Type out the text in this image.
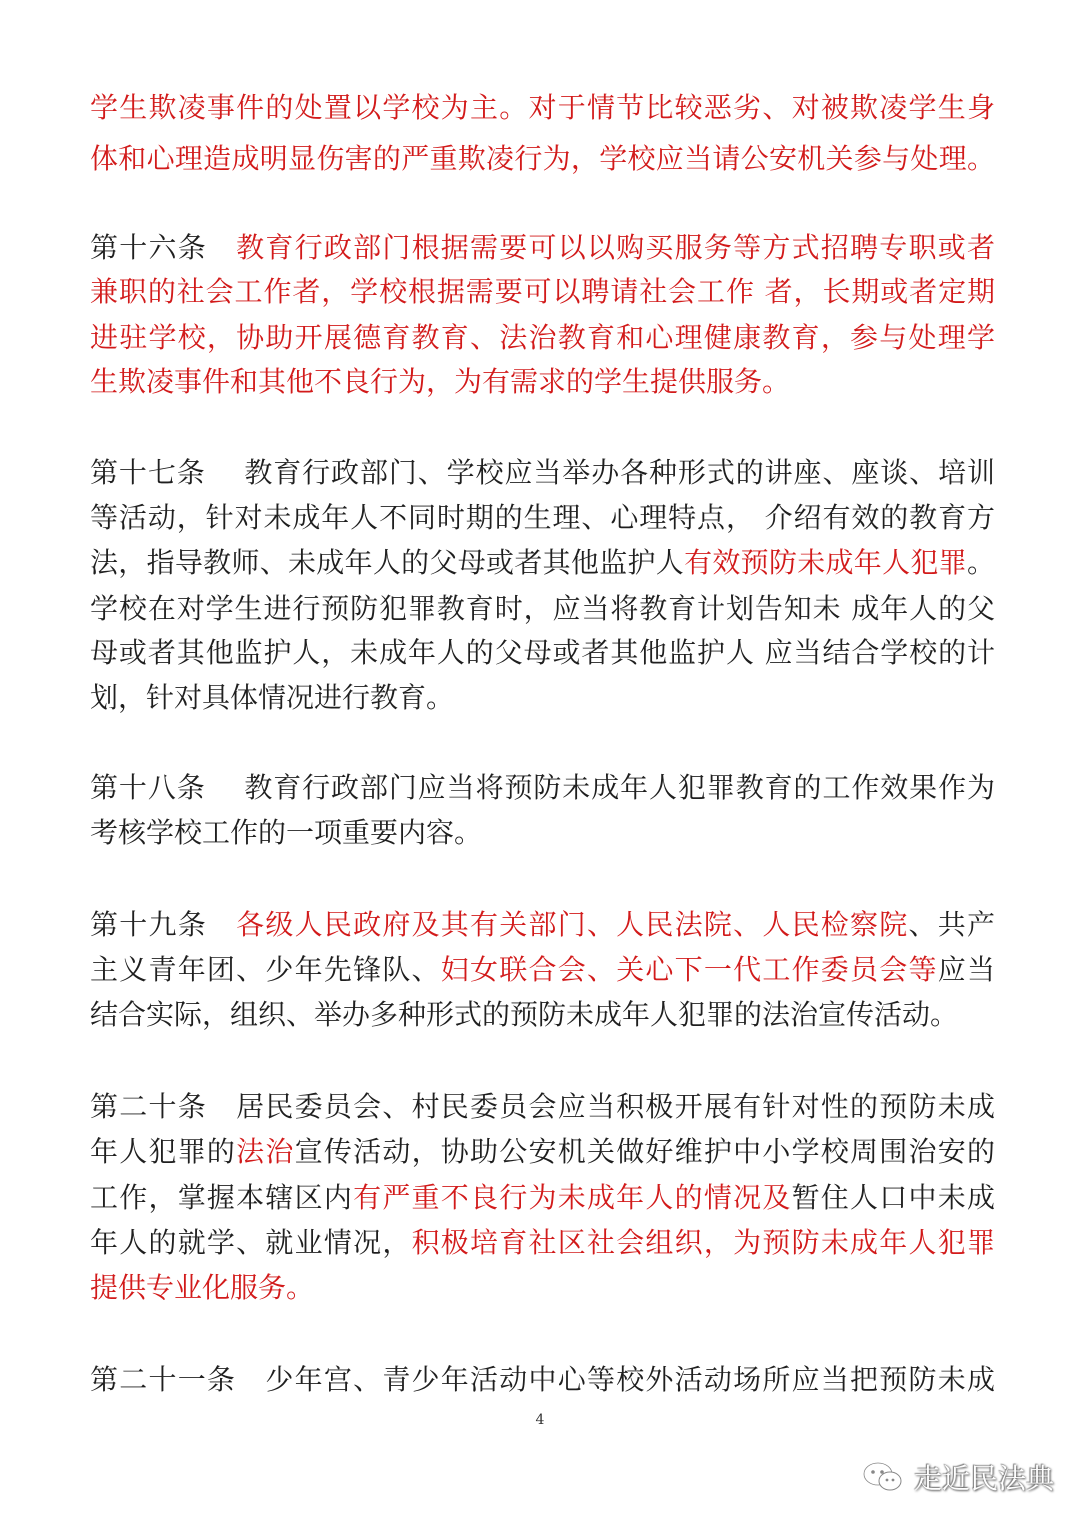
学生欺凌事件的处置以学校为主。对于情节比较恶劣、对被欺凌学生身
体和心理造成明显伤害的严重欺凌行为，学校应当请公安机关参与处理。
第十六条　教育行政部门根据需要可以以购买服务等方式招聘专职或者
兼职的社会工作者，学校根据需要可以聘请社会工作 者，长期或者定期
进驻学校，协助开展德育教育、法治教育和心理健康教育，参与处理学
生欺凌事件和其他不良行为，为有需求的学生提供服务。
第十七条　 教育行政部门、学校应当举办各种形式的讲座、座谈、培训
等活动，针对未成年人不同时期的生理、心理特点， 介绍有效的教育方
法，指导教师、未成年人的父母或者其他监护人有效预防未成年人犯罪。
学校在对学生进行预防犯罪教育时，应当将教育计划告知未 成年人的父
母或者其他监护人，未成年人的父母或者其他监护人 应当结合学校的计
划，针对具体情况进行教育。
第十八条　 教育行政部门应当将预防未成年人犯罪教育的工作效果作为
考核学校工作的一项重要内容。
第十九条　各级人民政府及其有关部门、人民法院、人民检察院、共产
主义青年团、少年先锋队、妇女联合会、关心下一代工作委员会等应当
结合实际，组织、举办多种形式的预防未成年人犯罪的法治宣传活动。
第二十条　居民委员会、村民委员会应当积极开展有针对性的预防未成
年人犯罪的法治宣传活动，协助公安机关做好维护中小学校周围治安的
工作，掌握本辖区内有严重不良行为未成年人的情况及暂住人口中未成
年人的就学、就业情况，积极培育社区社会组织，为预防未成年人犯罪
提供专业化服务。
第二十一条　少年宫、青少年活动中心等校外活动场所应当把预防未成
4
走近民法典
